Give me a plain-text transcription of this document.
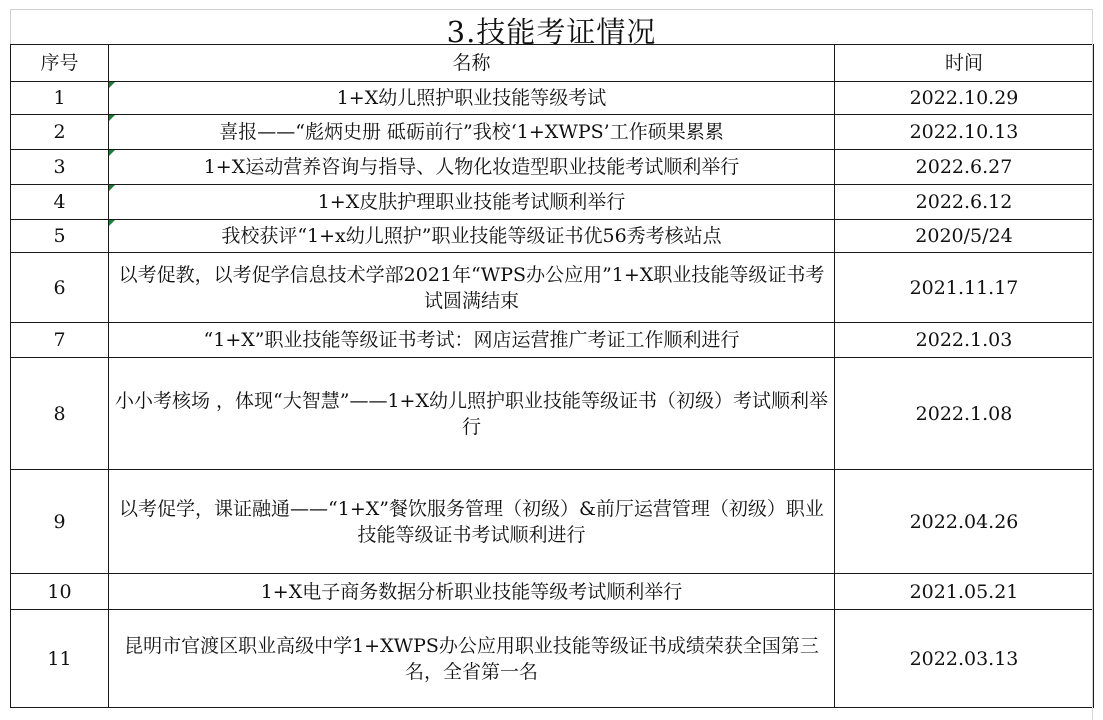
3.技能考证情况
序号	名称	时间
1	1+X幼儿照护职业技能等级考试	2022.10.29
2	喜报——“彪炳史册 砥砺前行”我校‘1+XWPS’工作硕果累累	2022.10.13
3	1+X运动营养咨询与指导、人物化妆造型职业技能考试顺利举行	2022.6.27
4	1+X皮肤护理职业技能考试顺利举行	2022.6.12
5	我校获评“1+x幼儿照护”职业技能等级证书优56秀考核站点	2020/5/24
6	以考促教，以考促学信息技术学部2021年“WPS办公应用”1+X职业技能等级证书考试圆满结束	2021.11.17
7	“1+X”职业技能等级证书考试：网店运营推广考证工作顺利进行	2022.1.03
8	小小考核场 ，体现“大智慧”——1+X幼儿照护职业技能等级证书（初级）考试顺利举行	2022.1.08
9	以考促学，课证融通——“1+X”餐饮服务管理（初级）&前厅运营管理（初级）职业技能等级证书考试顺利进行	2022.04.26
10	1+X电子商务数据分析职业技能等级考试顺利举行	2021.05.21
11	昆明市官渡区职业高级中学1+XWPS办公应用职业技能等级证书成绩荣获全国第三名，全省第一名	2022.03.13
